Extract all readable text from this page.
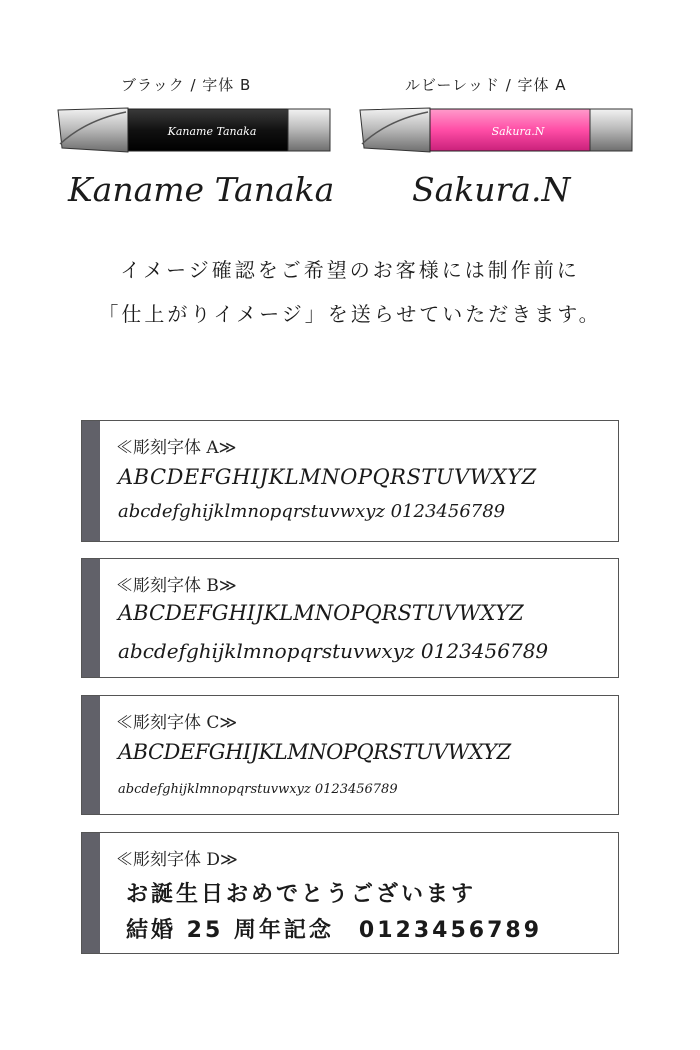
ブラック / 字体 B	ルビーレッド / 字体 A
Kaname Tanaka	Sakura.N
Kaname Tanaka Sakura.N
イメージ確認をご希望のお客様には制作前に
「仕上がりイメージ」を送らせていただきます。
≪彫刻字体 A≫
ABCDEFGHIJKLMNOPQRSTUVWXYZ
abcdefghijklmnopqrstuvwxyz 0123456789
≪彫刻字体 B≫
ABCDEFGHIJKLMNOPQRSTUVWXYZ
abcdefghijklmnopqrstuvwxyz 0123456789
≪彫刻字体 C≫
ABCDEFGHIJKLMNOPQRSTUVWXYZ
abcdefghijklmnopqrstuvwxyz 0123456789
≪彫刻字体 D≫
お誕生日おめでとうございます
結婚 25 周年記念　0123456789
